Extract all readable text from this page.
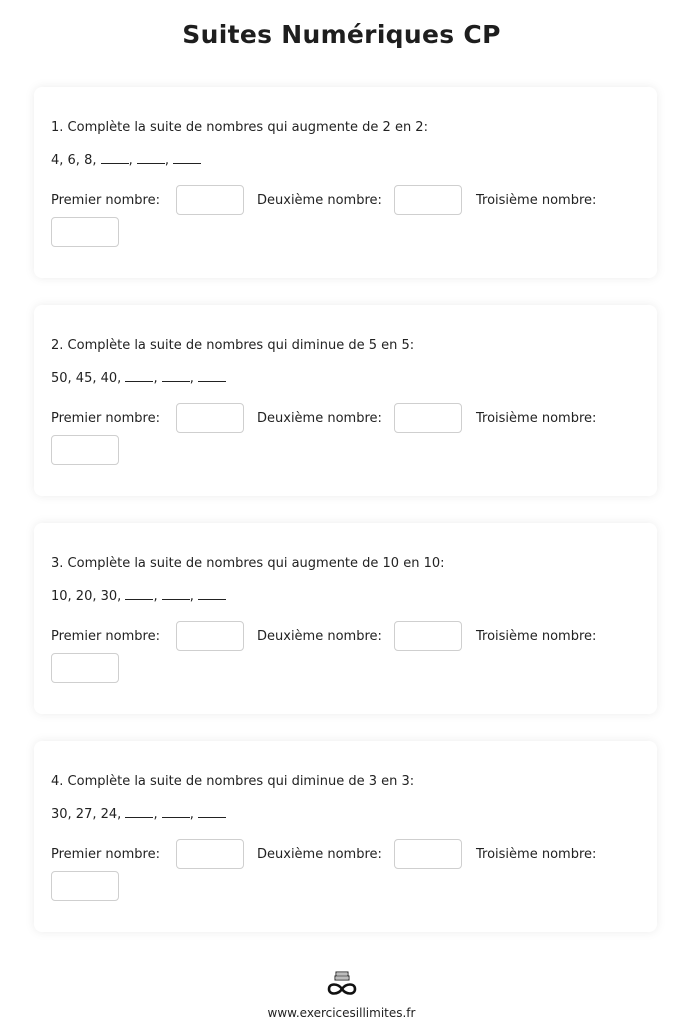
Suites Numériques CP
1. Complète la suite de nombres qui augmente de 2 en 2:
4, 6, 8, , ,
Premier nombre:	Deuxième nombre:	Troisième nombre:
2. Complète la suite de nombres qui diminue de 5 en 5:
50, 45, 40, , ,
Premier nombre:	Deuxième nombre:	Troisième nombre:
3. Complète la suite de nombres qui augmente de 10 en 10:
10, 20, 30, , ,
Premier nombre:	Deuxième nombre:	Troisième nombre:
4. Complète la suite de nombres qui diminue de 3 en 3:
30, 27, 24, , ,
Premier nombre:	Deuxième nombre:	Troisième nombre:
www.exercicesillimites.fr
